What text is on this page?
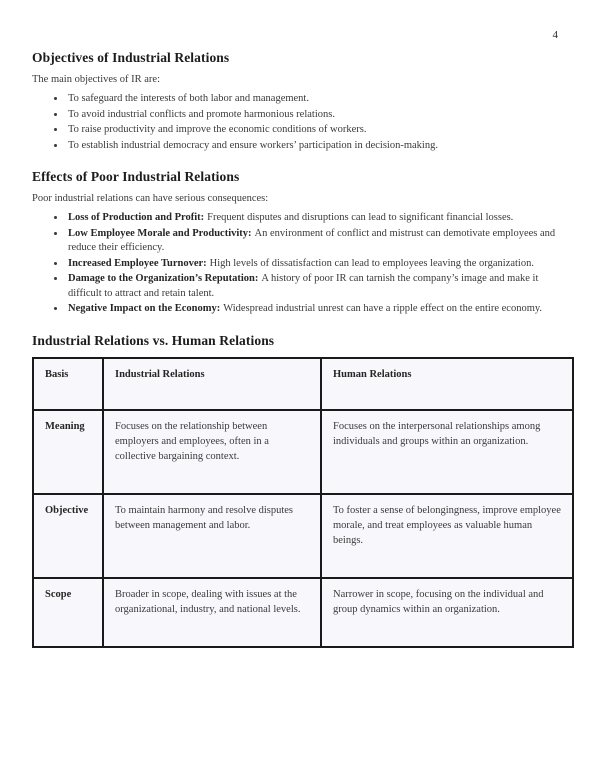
4
Objectives of Industrial Relations

The main objectives of IR are:

• To safeguard the interests of both labor and management.
• To avoid industrial conflicts and promote harmonious relations.
• To raise productivity and improve the economic conditions of workers.
• To establish industrial democracy and ensure workers’ participation in decision-making.
Effects of Poor Industrial Relations

Poor industrial relations can have serious consequences:

• Loss of Production and Profit: Frequent disputes and disruptions can lead to significant financial losses.
• Low Employee Morale and Productivity: An environment of conflict and mistrust can demotivate employees and reduce their efficiency.
• Increased Employee Turnover: High levels of dissatisfaction can lead to employees leaving the organization.
• Damage to the Organization’s Reputation: A history of poor IR can tarnish the company’s image and make it difficult to attract and retain talent.
• Negative Impact on the Economy: Widespread industrial unrest can have a ripple effect on the entire economy.
Industrial Relations vs. Human Relations
Basis	Industrial Relations	Human Relations
Meaning	Focuses on the relationship between employers and employees, often in a collective bargaining context.	Focuses on the interpersonal relationships among individuals and groups within an organization.
Objective	To maintain harmony and resolve disputes between management and labor.	To foster a sense of belongingness, improve employee morale, and treat employees as valuable human beings.
Scope	Broader in scope, dealing with issues at the organizational, industry, and national levels.	Narrower in scope, focusing on the individual and group dynamics within an organization.
